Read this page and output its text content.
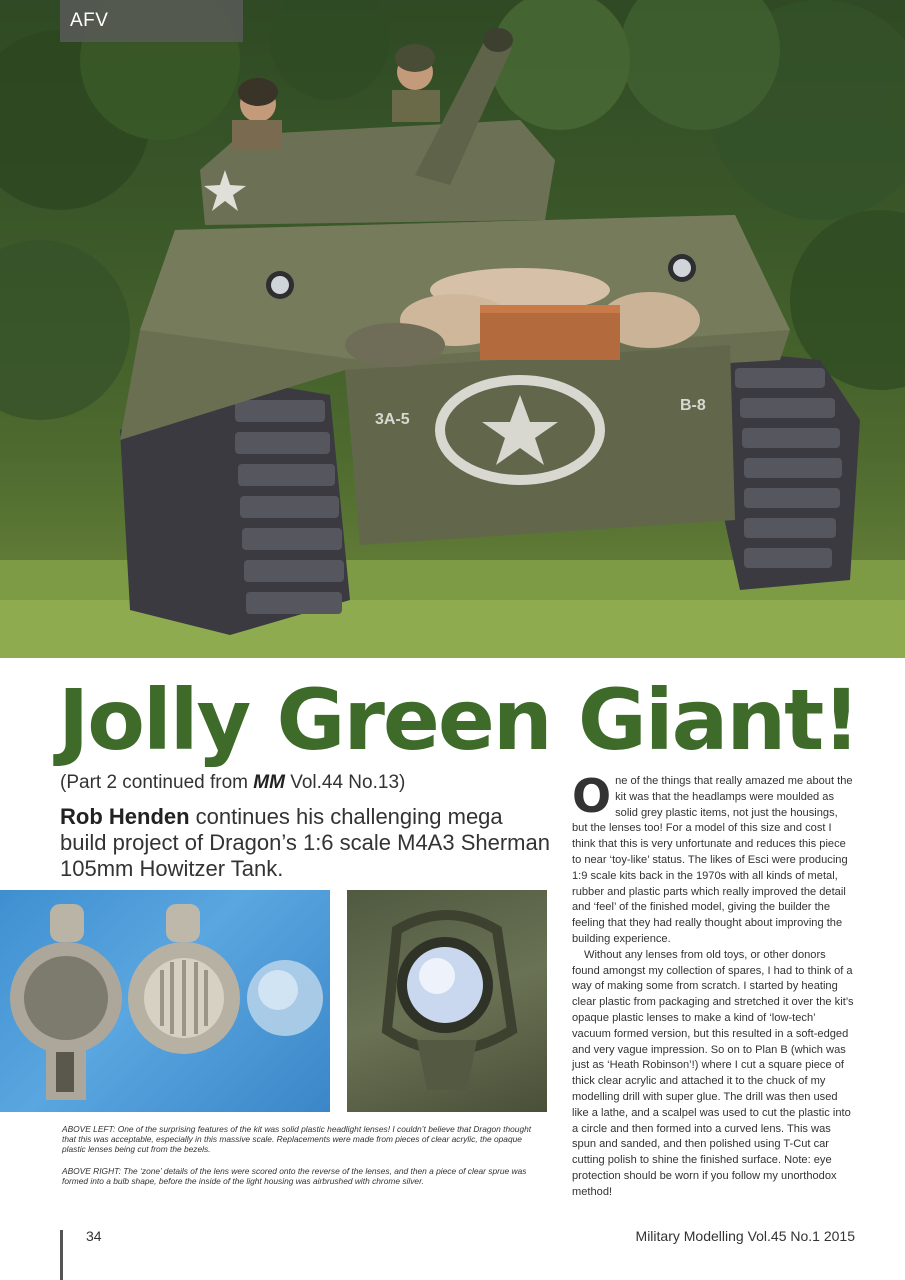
3A-5
B-8
AFV
Jolly Green Giant!
(Part 2 continued from MM Vol.44 No.13)
Rob Henden continues his challenging mega build project of Dragon’s 1:6 scale M4A3 Sherman 105mm Howitzer Tank.

ABOVE LEFT: One of the surprising features of the kit was solid plastic headlight lenses! I couldn’t believe that Dragon thought that this was acceptable, especially in this massive scale. Replacements were made from pieces of clear acrylic, the opaque plastic lenses being cut from the bezels.

ABOVE RIGHT: The ‘zone’ details of the lens were scored onto the reverse of the lenses, and then a piece of clear sprue was formed into a bulb shape, before the inside of the light housing was airbrushed with chrome silver.

One of the things that really amazed me about the kit was that the headlamps were moulded as solid grey plastic items, not just the housings, but the lenses too! For a model of this size and cost I think that this is very unfortunate and reduces this piece to near ‘toy-like’ status. The likes of Esci were producing 1:9 scale kits back in the 1970s with all kinds of metal, rubber and plastic parts which really improved the detail and ‘feel’ of the finished model, giving the builder the feeling that they had really thought about improving the building experience.

Without any lenses from old toys, or other donors found amongst my collection of spares, I had to think of a way of making some from scratch. I started by heating clear plastic from packaging and stretched it over the kit’s opaque plastic lenses to make a kind of ‘low-tech’ vacuum formed version, but this resulted in a soft-edged and very vague impression. So on to Plan B (which was just as ‘Heath Robinson’!) where I cut a square piece of thick clear acrylic and attached it to the chuck of my modelling drill with super glue. The drill was then used like a lathe, and a scalpel was used to cut the plastic into a circle and then formed into a curved lens. This was spun and sanded, and then polished using T-Cut car cutting polish to shine the finished surface. Note: eye protection should be worn if you follow my unorthodox method!

34	Military Modelling Vol.45 No.1 2015
